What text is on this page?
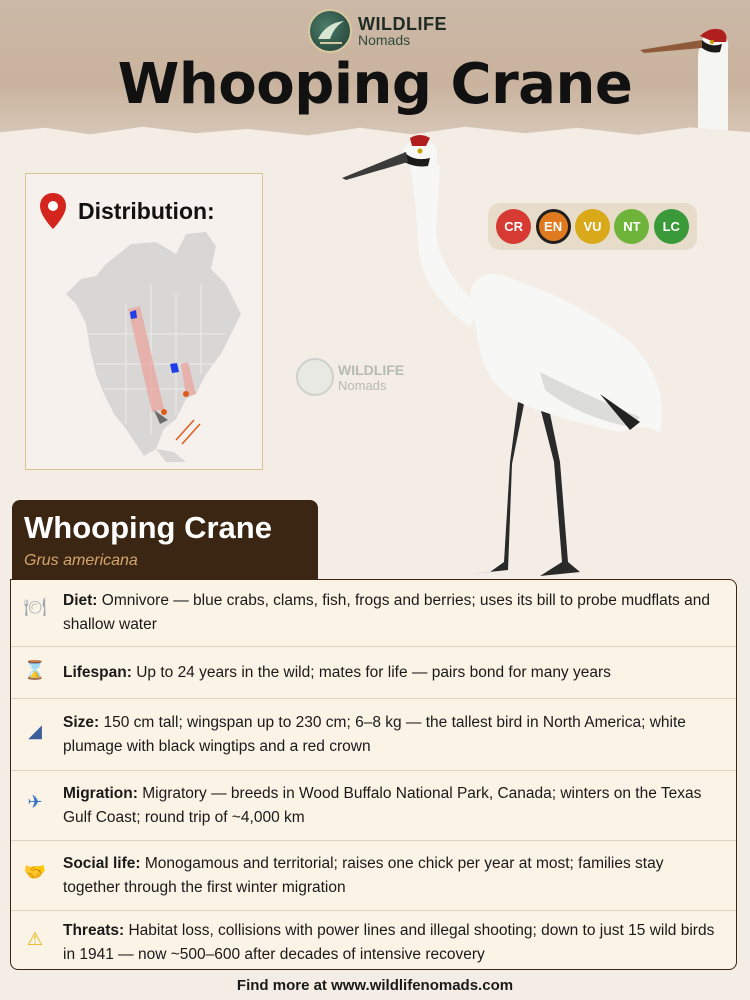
WILDLIFE
Nomads
Whooping Crane
Distribution:
WILDLIFE
Nomads
CR	EN	VU	NT	LC
Whooping Crane
Grus americana
🍽 Diet: Omnivore — blue crabs, clams, fish, frogs and berries; uses its bill to probe mudflats and shallow water
⌛	Lifespan: Up to 24 years in the wild; mates for life — pairs bond for many years
◢	Size: 150 cm tall; wingspan up to 230 cm; 6–8 kg — the tallest bird in North America; white plumage with black wingtips and a red crown
✈	Migration: Migratory — breeds in Wood Buffalo National Park, Canada; winters on the Texas Gulf Coast; round trip of ~4,000 km
🤝	Social life: Monogamous and territorial; raises one chick per year at most; families stay together through the first winter migration
⚠	Threats: Habitat loss, collisions with power lines and illegal shooting; down to just 15 wild birds in 1941 — now ~500–600 after decades of intensive recovery
Find more at www.wildlifenomads.com
